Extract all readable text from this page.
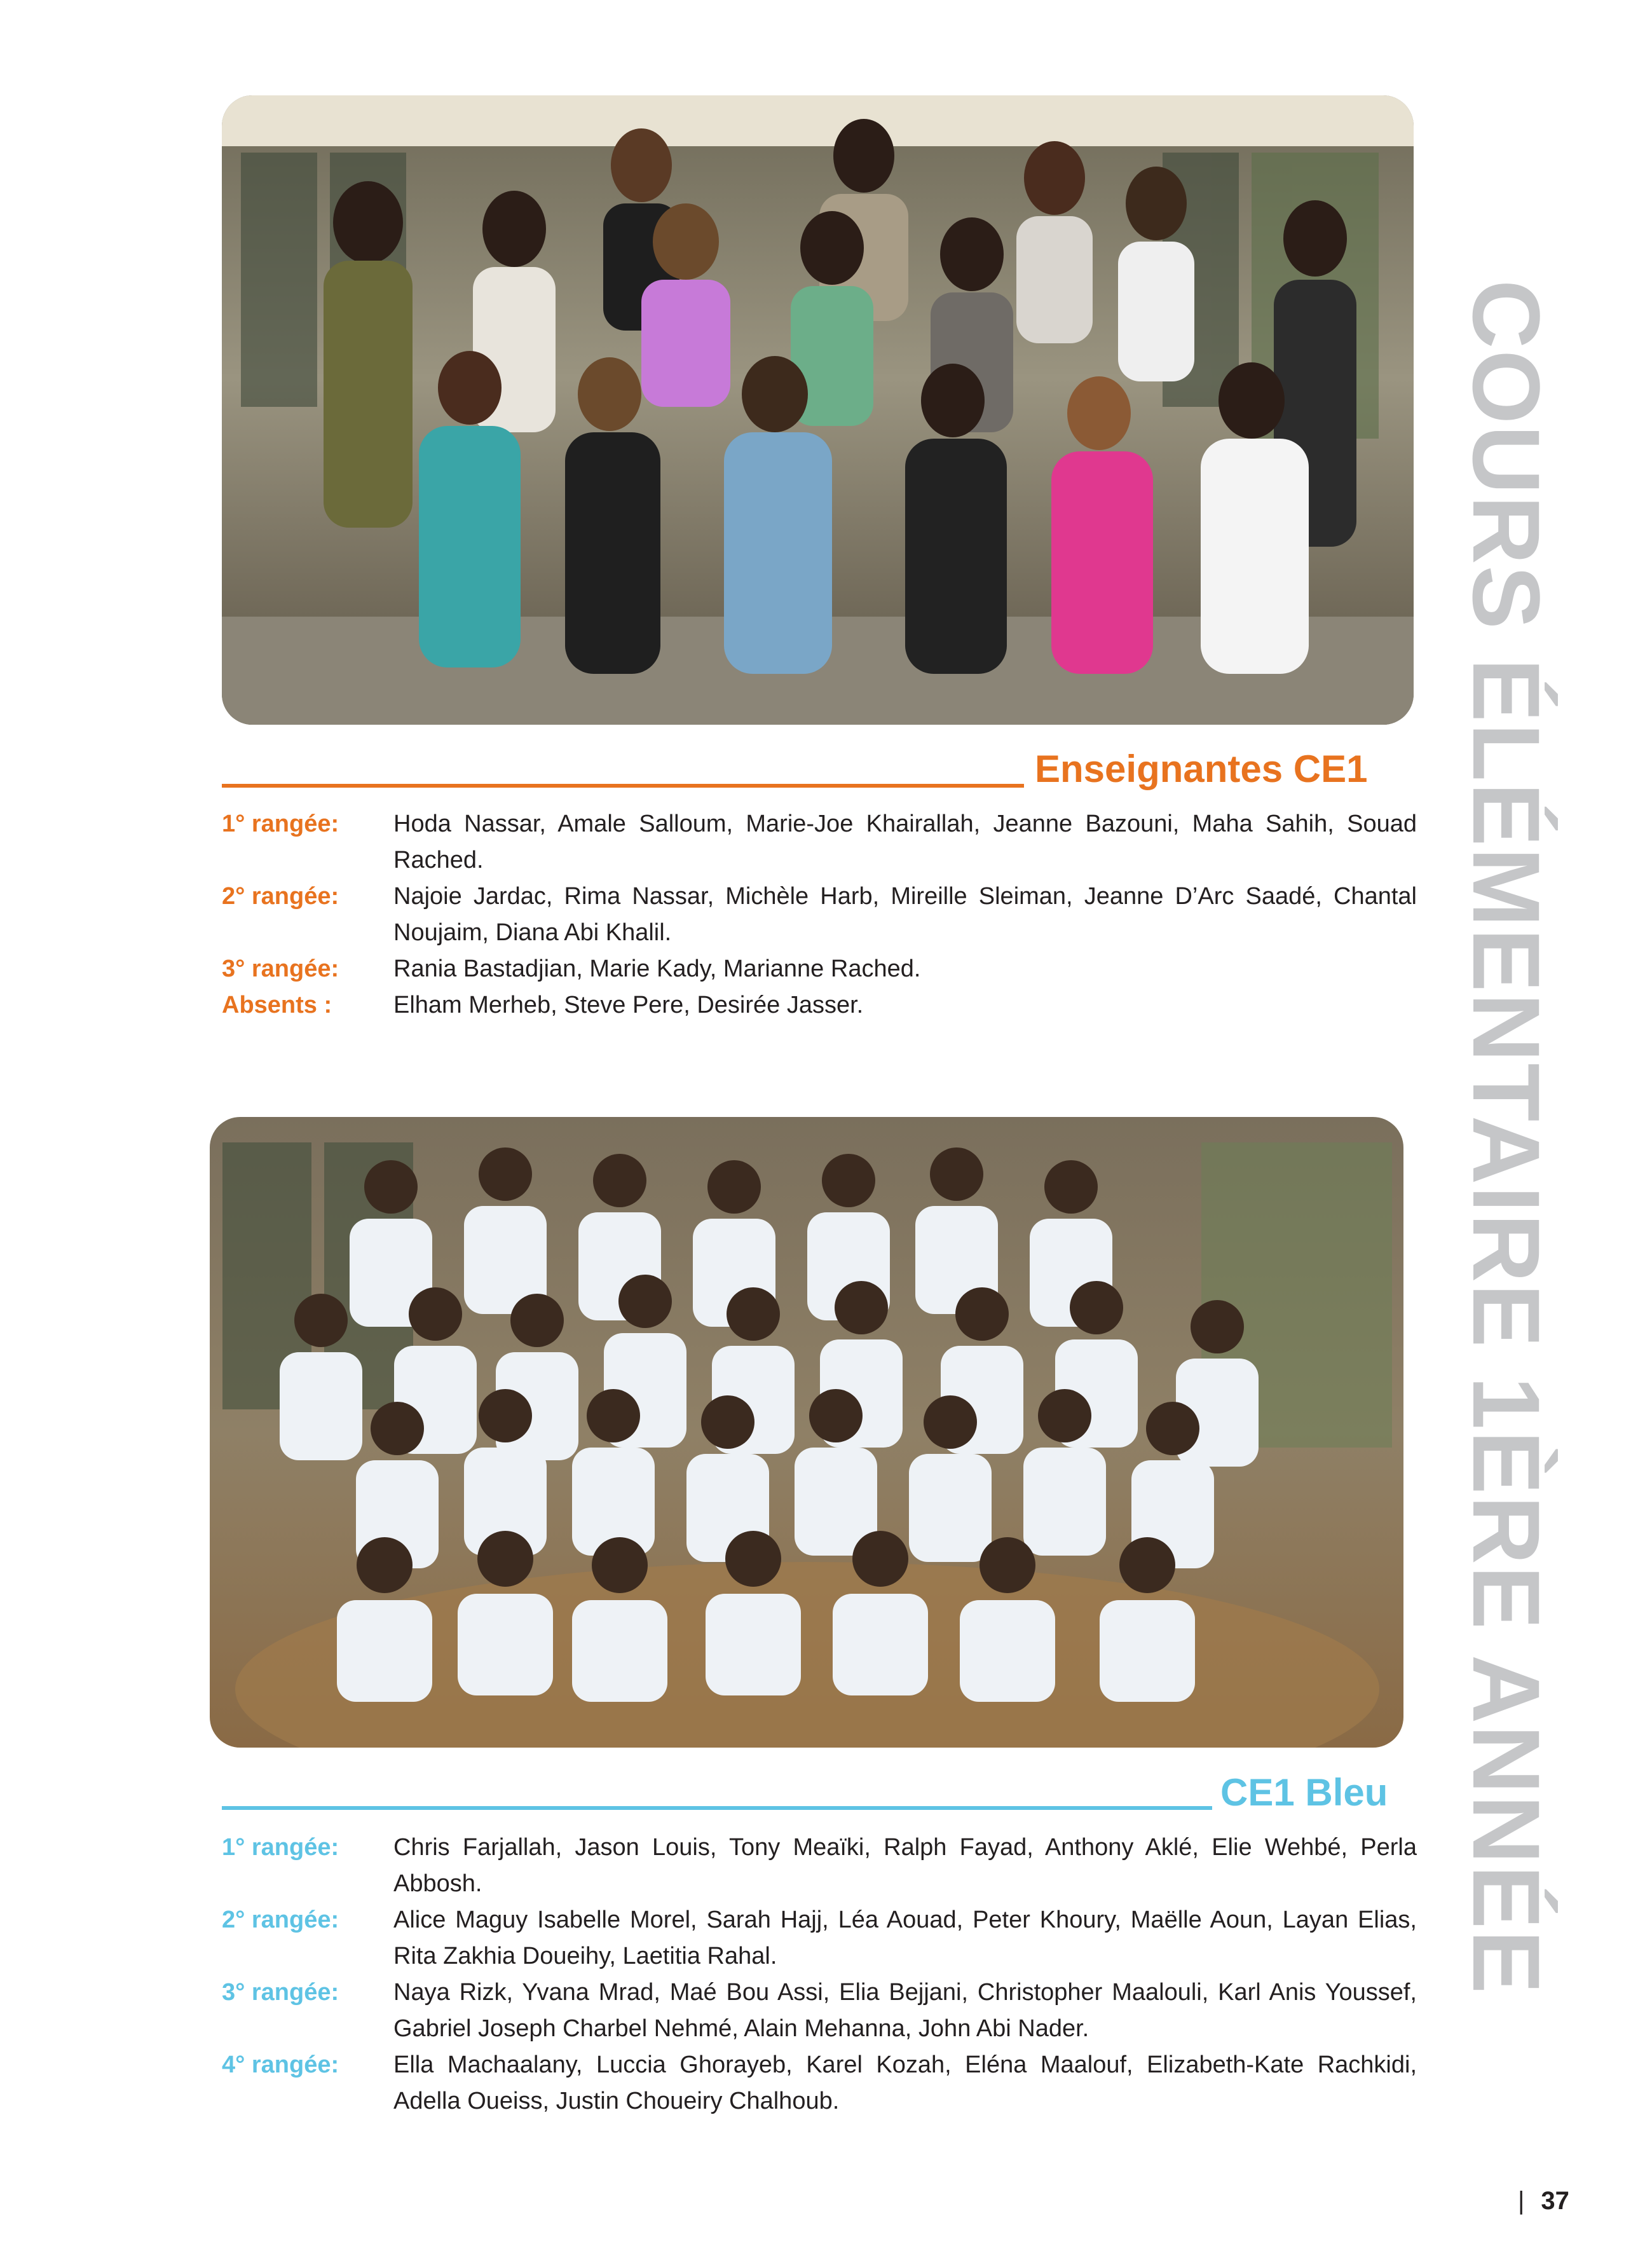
Enseignantes CE1
1° rangée:	Hoda Nassar, Amale Salloum, Marie-Joe Khairallah, Jeanne Bazouni, Maha Sahih, Souad Rached.
2° rangée:	Najoie Jardac, Rima Nassar, Michèle Harb, Mireille Sleiman, Jeanne D’Arc Saadé, Chantal Noujaim, Diana Abi Khalil.
3° rangée:	Rania Bastadjian, Marie Kady, Marianne Rached.
Absents :	Elham Merheb, Steve Pere, Desirée Jasser.
CE1 Bleu
1° rangée:	Chris Farjallah, Jason Louis, Tony Meaïki, Ralph Fayad, Anthony Aklé, Elie Wehbé, Perla Abbosh.
2° rangée:	Alice Maguy Isabelle Morel, Sarah Hajj, Léa Aouad, Peter Khoury, Maëlle Aoun, Layan Elias, Rita Zakhia Doueihy, Laetitia Rahal.
3° rangée:	Naya Rizk, Yvana Mrad, Maé Bou Assi, Elia Bejjani, Christopher Maalouli, Karl Anis Youssef, Gabriel Joseph Charbel Nehmé, Alain Mehanna, John Abi Nader.
4° rangée:	Ella Machaalany, Luccia Ghorayeb, Karel Kozah, Eléna Maalouf, Elizabeth-Kate Rachkidi, Adella Oueiss, Justin Choueiry Chalhoub.
COURS ÉLÉMENTAIRE 1ÈRE ANNÉE
| 37
